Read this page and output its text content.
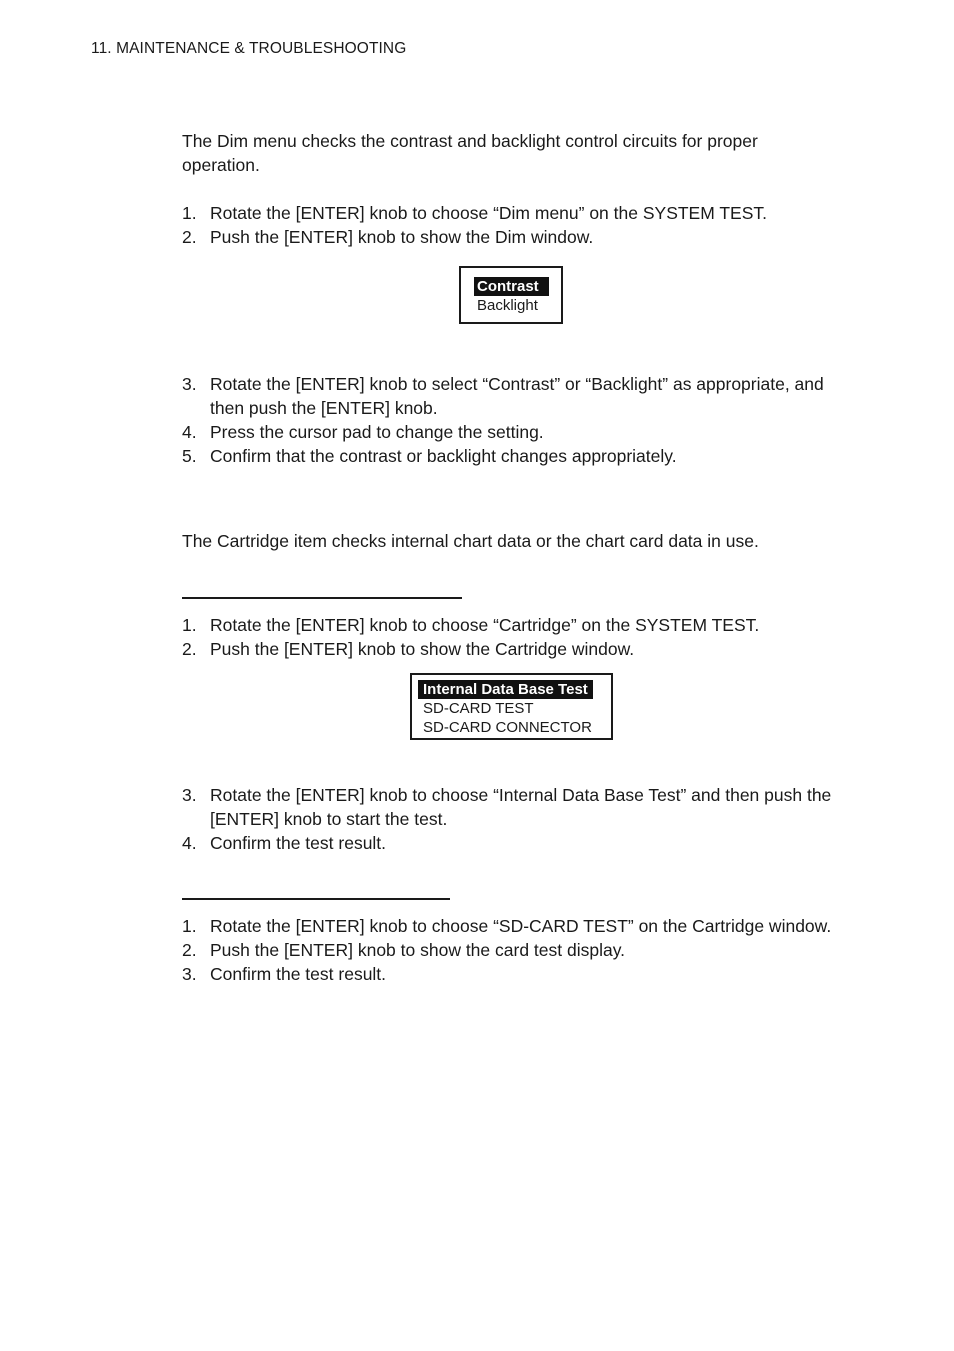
11. MAINTENANCE & TROUBLESHOOTING

The Dim menu checks the contrast and backlight control circuits for proper operation.

1. Rotate the [ENTER] knob to choose “Dim menu” on the SYSTEM TEST.
2. Push the [ENTER] knob to show the Dim window.
Contrast
Backlight
3. Rotate the [ENTER] knob to select “Contrast” or “Backlight” as appropriate, and then push the [ENTER] knob.
4. Press the cursor pad to change the setting.
5. Confirm that the contrast or backlight changes appropriately.

The Cartridge item checks internal chart data or the chart card data in use.

1. Rotate the [ENTER] knob to choose “Cartridge” on the SYSTEM TEST.
2. Push the [ENTER] knob to show the Cartridge window.
Internal Data Base Test
SD-CARD TEST
SD-CARD CONNECTOR
3. Rotate the [ENTER] knob to choose “Internal Data Base Test” and then push the [ENTER] knob to start the test.
4. Confirm the test result.
1. Rotate the [ENTER] knob to choose “SD-CARD TEST” on the Cartridge window.
2. Push the [ENTER] knob to show the card test display.
3. Confirm the test result.
